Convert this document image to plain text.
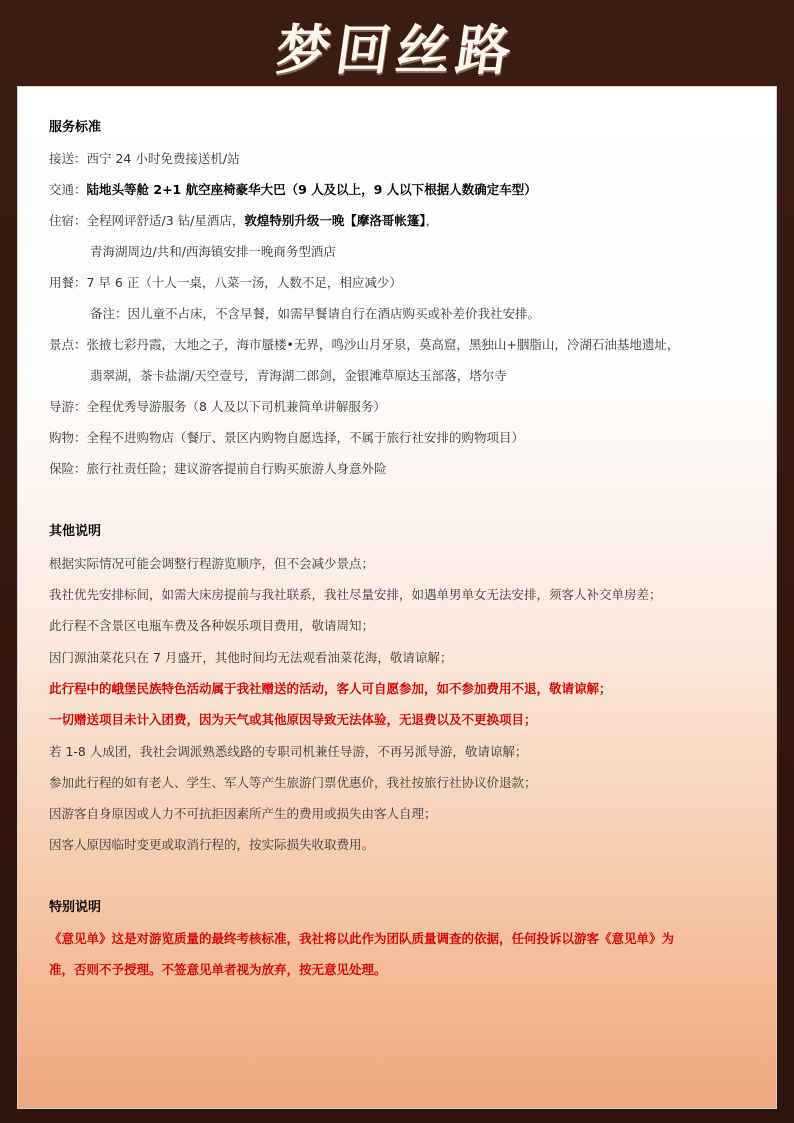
梦回丝路
服务标准
接送：西宁 24 小时免费接送机/站
交通：陆地头等舱 2+1 航空座椅豪华大巴（9 人及以上，9 人以下根据人数确定车型）
住宿：全程网评舒适/3 钻/星酒店，敦煌特别升级一晚【摩洛哥帐篷】，
青海湖周边/共和/西海镇安排一晚商务型酒店
用餐：7 早 6 正（十人一桌，八菜一汤，人数不足，相应减少）
备注：因儿童不占床，不含早餐，如需早餐请自行在酒店购买或补差价我社安排。
景点：张掖七彩丹霞，大地之子，海市蜃楼•无界，鸣沙山月牙泉，莫高窟，黑独山+胭脂山，冷湖石油基地遗址，
翡翠湖，茶卡盐湖/天空壹号，青海湖二郎剑，金银滩草原达玉部落，塔尔寺
导游：全程优秀导游服务（8 人及以下司机兼简单讲解服务）
购物：全程不进购物店（餐厅、景区内购物自愿选择，不属于旅行社安排的购物项目）
保险：旅行社责任险；建议游客提前自行购买旅游人身意外险
其他说明
根据实际情况可能会调整行程游览顺序，但不会减少景点；
我社优先安排标间，如需大床房提前与我社联系，我社尽量安排，如遇单男单女无法安排，须客人补交单房差；
此行程不含景区电瓶车费及各种娱乐项目费用，敬请周知；
因门源油菜花只在 7 月盛开，其他时间均无法观看油菜花海，敬请谅解；
此行程中的峨堡民族特色活动属于我社赠送的活动，客人可自愿参加，如不参加费用不退，敬请谅解；
一切赠送项目未计入团费，因为天气或其他原因导致无法体验，无退费以及不更换项目；
若 1-8 人成团，我社会调派熟悉线路的专职司机兼任导游，不再另派导游，敬请谅解；
参加此行程的如有老人、学生、军人等产生旅游门票优惠价，我社按旅行社协议价退款；
因游客自身原因或人力不可抗拒因素所产生的费用或损失由客人自理；
因客人原因临时变更或取消行程的，按实际损失收取费用。
特别说明
《意见单》这是对游览质量的最终考核标准，我社将以此作为团队质量调查的依据，任何投诉以游客《意见单》为
准，否则不予授理。不签意见单者视为放弃，按无意见处理。
